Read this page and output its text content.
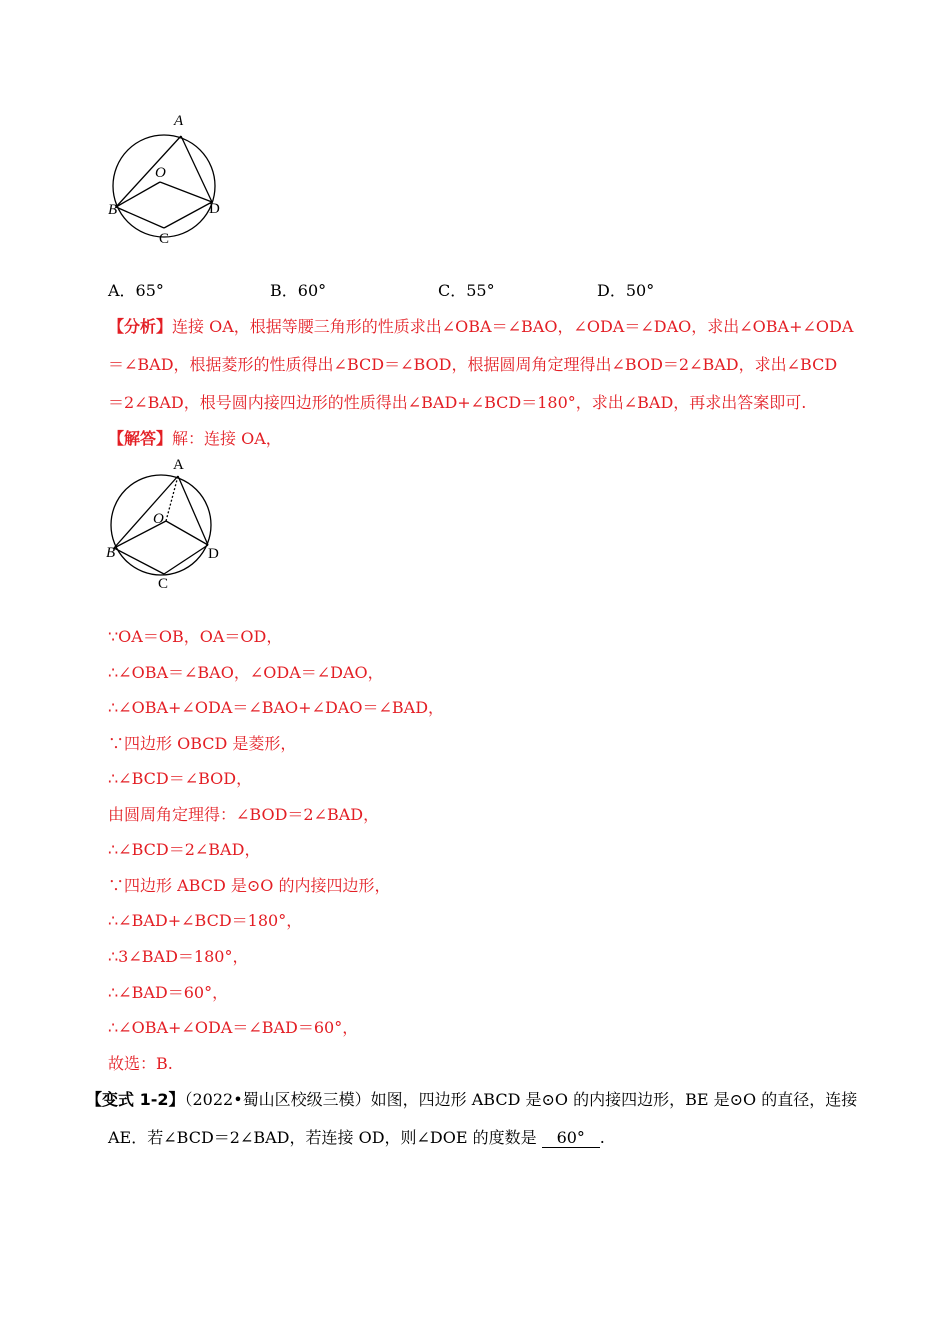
A
O
B	D
C
A．65°	B．60°	C．55°	D．50°
【分析】连接 OA，根据等腰三角形的性质求出∠OBA＝∠BAO，∠ODA＝∠DAO，求出∠OBA+∠ODA
＝∠BAD，根据菱形的性质得出∠BCD＝∠BOD，根据圆周角定理得出∠BOD＝2∠BAD，求出∠BCD
＝2∠BAD，根号圆内接四边形的性质得出∠BAD+∠BCD＝180°，求出∠BAD，再求出答案即可.
【解答】解：连接 OA，
A
O
B	D
C
∵OA＝OB，OA＝OD，
∴∠OBA＝∠BAO，∠ODA＝∠DAO，
∴∠OBA+∠ODA＝∠BAO+∠DAO＝∠BAD，
∵四边形 OBCD 是菱形，
∴∠BCD＝∠BOD，
由圆周角定理得：∠BOD＝2∠BAD，
∴∠BCD＝2∠BAD，
∵四边形 ABCD 是⊙O 的内接四边形，
∴∠BAD+∠BCD＝180°，
∴3∠BAD＝180°，
∴∠BAD＝60°，
∴∠OBA+∠ODA＝∠BAD＝60°，
故选：B.
【变式 1-2】（2022•蜀山区校级三模）如图，四边形 ABCD 是⊙O 的内接四边形，BE 是⊙O 的直径，连接
AE．若∠BCD＝2∠BAD，若连接 OD，则∠DOE 的度数是 60° .
